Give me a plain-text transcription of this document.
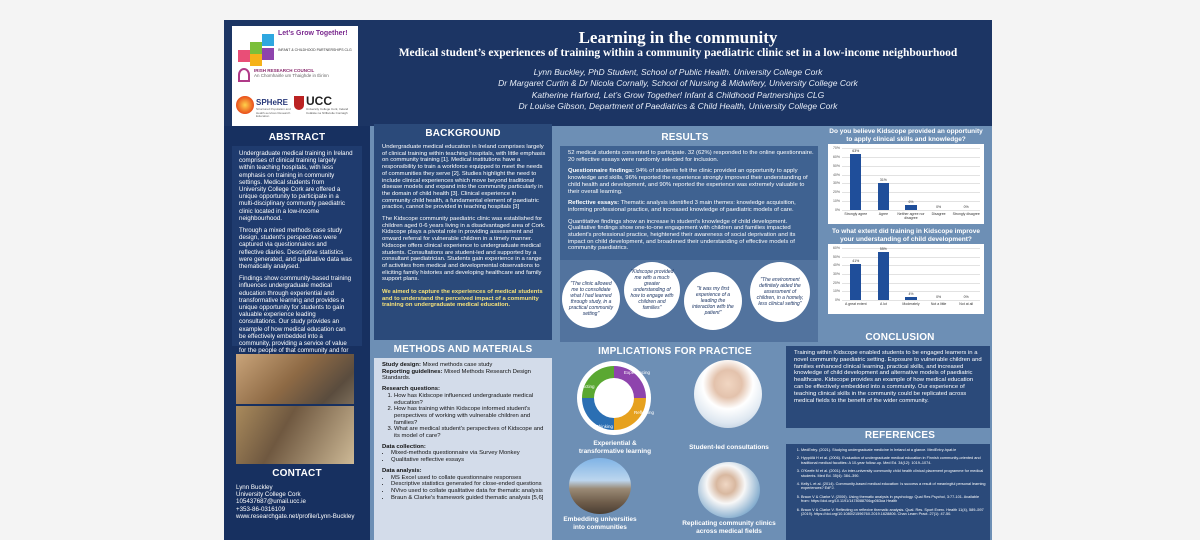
Let’s Grow Together!
INFANT & CHILDHOOD PARTNERSHIPS CLG
IRISH RESEARCH COUNCIL
An Chomhairle um Thaighde in Éirinn
SPHeRE
Structured Population and Health-services Research Education
UCC
University College Cork, Ireland Coláiste na hOllscoile Corcaigh
Learning in the community
Medical student’s experiences of training within a community paediatric clinic set in a low-income neighbourhood
Lynn Buckley, PhD Student, School of Public Health. University College Cork
Dr Margaret Curtin & Dr Nicola Cornally, School of Nursing & Midwifery, University College Cork
Katherine Harford, Let’s Grow Together! Infant & Childhood Partnerships CLG
Dr Louise Gibson, Department of Paediatrics & Child Health, University College Cork
ABSTRACT

Undergraduate medical training in Ireland comprises of clinical training largely within teaching hospitals, with less emphasis on training in community settings. Medical students from University College Cork are offered a unique opportunity to participate in a multi-disciplinary community paediatric clinic located in a low-income neighbourhood.

Through a mixed methods case study design, student's perspectives were captured via questionnaires and reflective diaries. Descriptive statistics were generated, and qualitative data was thematically analysed.

Findings show community-based training influences undergraduate medical education through experiential and transformative learning and provides a unique opportunity for students to gain valuable experience leading consultations. Our study provides an example of how medical education can be effectively embedded into a community, providing a service of value for the people of that community and for

CONTACT
Lynn Buckley
University College Cork
105437687@umail.ucc.ie
+353-86-0316109
www.researchgate.net/profile/Lynn-Buckley
BACKGROUND

Undergraduate medical education in Ireland comprises largely of clinical training within teaching hospitals, with little emphasis on community training [1]. Medical institutions have a responsibility to train a workforce equipped to meet the needs of communities they serve [2]. Studies highlight the need to include clinical experiences which move beyond traditional disease models and expand into the community particularly in the domain of child health [3]. Clinical experience in community child health, a fundamental element of paediatric practice, cannot be provided in teaching hospitals [3]

The Kidscope community paediatric clinic was established for children aged 0-6 years living in a disadvantaged area of Cork. Kidscope plays a pivotal role in providing assessment and onward referral for vulnerable children in a timely manner. Kidscope offers clinical experience to undergraduate medical students. Consultations are student-led and supported by a consultant paediatrician. Students gain experience in a range of activities from medical and developmental observations to eliciting family histories and developing healthcare and family support plans.

We aimed to capture the experiences of medical students and to understand the perceived impact of a community training on undergraduate medical education.

RESULTS

52 medical students consented to participate. 32 (62%) responded to the online questionnaire. 20 reflective essays were randomly selected for inclusion.

Questionnaire findings: 94% of students felt the clinic provided an opportunity to apply knowledge and skills, 96% reported the experience strongly improved their understanding of child health and development, and 90% reported the experience was extremely valuable to their overall learning.

Reflective essays: Thematic analysis identified 3 main themes: knowledge acquisition, informing professional practice, and increased knowledge of paediatric models of care.

Quantitative findings show an increase in student's knowledge of child development. Qualitative findings show one-to-one engagement with children and families impacted student's professional practice, heightened their awareness of social deprivation and its impact on child development, and broadened their understanding of effective models of community paediatrics.

"The clinic allowed me to consolidate what I had learned through study, in a practical community setting"
"Kidscope provided me with a much greater understanding of how to engage with children and families"
"It was my first experience of a leading the interaction with the patient"
"The environment definitely aided the assessment of children, in a homely, less clinical setting"
Do you believe Kidscope provided an opportunity to apply clinical skills and knowledge?
70%
60%
50%
40%
30%
20%
10%
0%
63%
Strongly agree
31%
Agree
6%
Neither agree nor disagree
0%
Disagree
0%
Strongly disagree
To what extent did training in Kidscope improve your understanding of child development?
60%
50%
40%
30%
20%
10%
0%
41%
A great extent
55%
A lot
4%
Moderately
0%
Not a little
0%
Not at all
METHODS AND MATERIALS
Study design: Mixed methods case study
Reporting guidelines: Mixed Methods Research Design Standards.
Research questions:
1. How has Kidscope influenced undergraduate medical education?
2. How has training within Kidscope informed student's perspectives of working with vulnerable children and families?
3. What are medical student's perspectives of Kidscope and its model of care?
Data collection:
• Mixed-methods questionnaire via Survey Monkey
• Qualitative reflective essays
Data analysis:
• MS Excel used to collate questionnaire responses
• Descriptive statistics generated for close-ended questions
• NVivo used to collate qualitative data for thematic analysis
• Braun & Clarke's framework guided thematic analysis [5,6]
IMPLICATIONS FOR PRACTICE
Experiencing
Reflecting
Thinking
Acting
Experiential & transformative learning	Student-led consultations
Embedding universities into communities	Replicating community clinics across medical fields
CONCLUSION
Training within Kidscope enabled students to be engaged learners in a novel community paediatric setting. Exposure to vulnerable children and families enhanced clinical learning, practical skills, and increased knowledge of child development and alternative models of paediatric healthcare. Kidscope provides an example of how medical education can be effectively embedded into a community. Our experience of teaching clinical skills in the community could be replicated across medical fields to the benefit of the wider community.
REFERENCES
1. MedEntry. (2021). Studying undergraduate medicine in Ireland at a glance. MedEntry-hpat.ie
2. Hyppölä H et al. (2006). Evaluation of undergraduate medical education in Finnish community-oriented and traditional medical faculties: A 10-year follow-up. Med Ed. 34(12): 1019–1074.
3. O'Keefe M et al. (2001). An inter-university community child health clinical placement programme for medical students. Med Ed. 35(4): 384–390.
4. Kelly L et al. (2014). Community-based medical education: Is success a result of meaningful personal learning experiences? EdFJ.
5. Braun V & Clarke V. (2006). Using thematic analysis in psychology. Qual Res Psychol, 3:77-101. Available from: https://doi.org/10.1191/1478088706qp063oa Health
6. Braun V & Clarke V. Reflecting on reflexive thematic analysis. Qual. Res. Sport Exerc. Health 11(4), 589–597 (2019). https://doi.org/10.1080/2159676X.2019.1628806. Chan Learn Pract. 27(1): 47-50.
